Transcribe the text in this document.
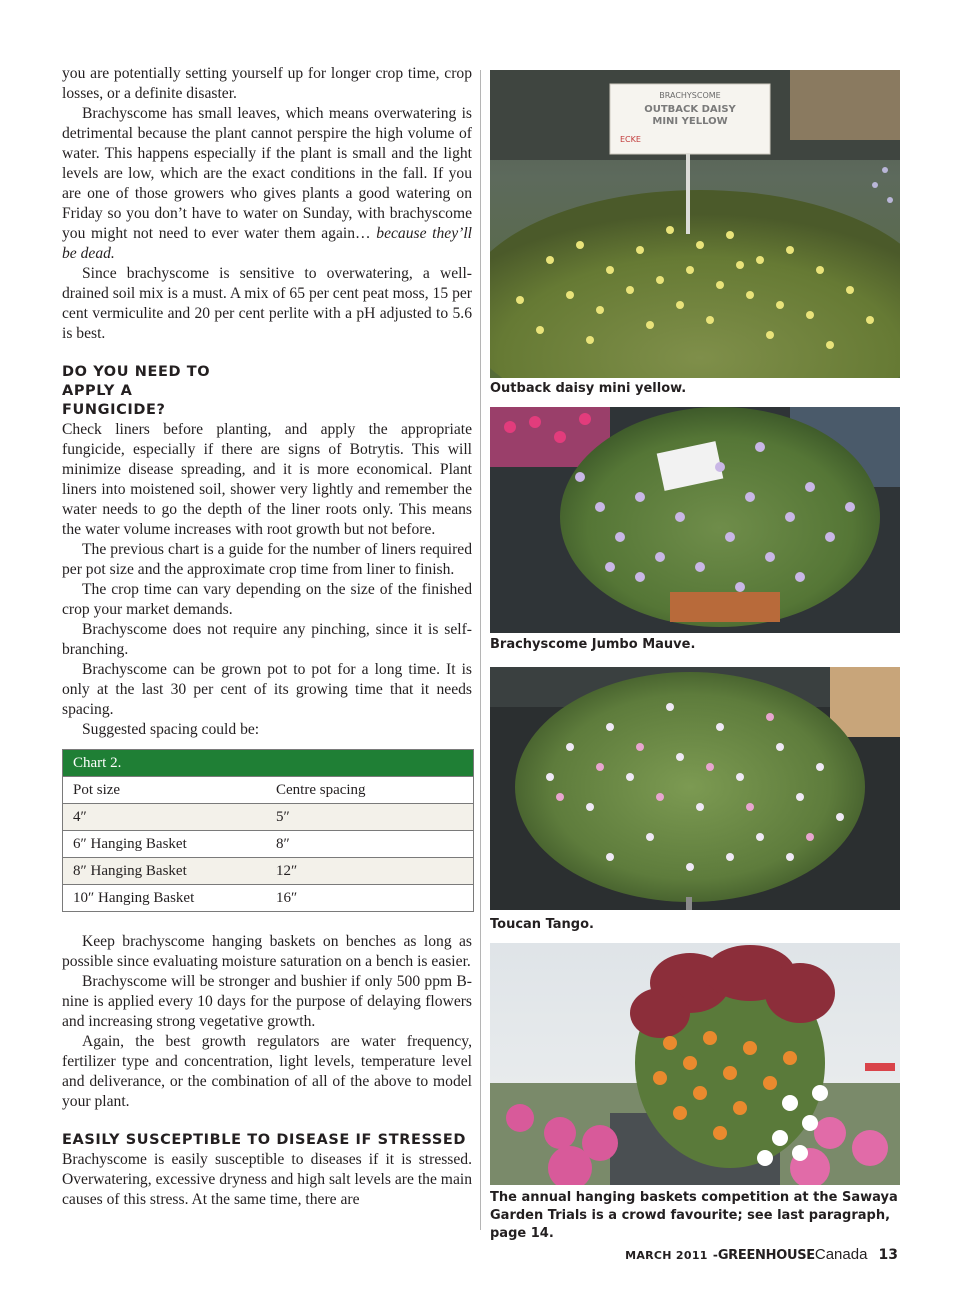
you are potentially setting yourself up for longer crop time, crop losses, or a definite disaster.

Brachyscome has small leaves, which means overwatering is detrimental because the plant cannot perspire the high volume of water. This happens especially if the plant is small and the light levels are low, which are the exact conditions in the fall. If you are one of those growers who gives plants a good watering on Friday so you don’t have to water on Sunday, with brachyscome you might not need to ever water them again… because they’ll be dead.

Since brachyscome is sensitive to overwatering, a well-drained soil mix is a must. A mix of 65 per cent peat moss, 15 per cent vermiculite and 20 per cent perlite with a pH adjusted to 5.6 is best.

DO YOU NEED TO APPLY A FUNGICIDE?

Check liners before planting, and apply the appropriate fungicide, especially if there are signs of Botrytis. This will minimize disease spreading, and it is more economical. Plant liners into moistened soil, shower very lightly and remember the water needs to go the depth of the liner roots only. This means the water volume increases with root growth but not before.

The previous chart is a guide for the number of liners required per pot size and the approximate crop time from liner to finish.

The crop time can vary depending on the size of the finished crop your market demands.

Brachyscome does not require any pinching, since it is self-branching.

Brachyscome can be grown pot to pot for a long time. It is only at the last 30 per cent of its growing time that it needs spacing.

Suggested spacing could be:

Chart 2.
Pot size	Centre spacing
4″	5″
6″ Hanging Basket	8″
8″ Hanging Basket	12″
10″ Hanging Basket	16″

Keep brachyscome hanging baskets on benches as long as possible since evaluating moisture saturation on a bench is easier.

Brachyscome will be stronger and bushier if only 500 ppm B-nine is applied every 10 days for the purpose of delaying flowers and increasing strong vegetative growth.

Again, the best growth regulators are water frequency, fertilizer type and concentration, light levels, temperature level and deliverance, or the combination of all of the above to model your plant.

EASILY SUSCEPTIBLE TO DISEASE IF STRESSED

Brachyscome is easily susceptible to diseases if it is stressed. Overwatering, excessive dryness and high salt levels are the main causes of this stress. At the same time, there are

BRACHYSCOME
OUTBACK DAISY
MINI YELLOW
ECKE
Outback daisy mini yellow.
Brachyscome Jumbo Mauve.
Toucan Tango.
The annual hanging baskets competition at the Sawaya Garden Trials is a crowd favourite; see last paragraph, page 14.
MARCH 2011 -GREENHOUSECanada 13
